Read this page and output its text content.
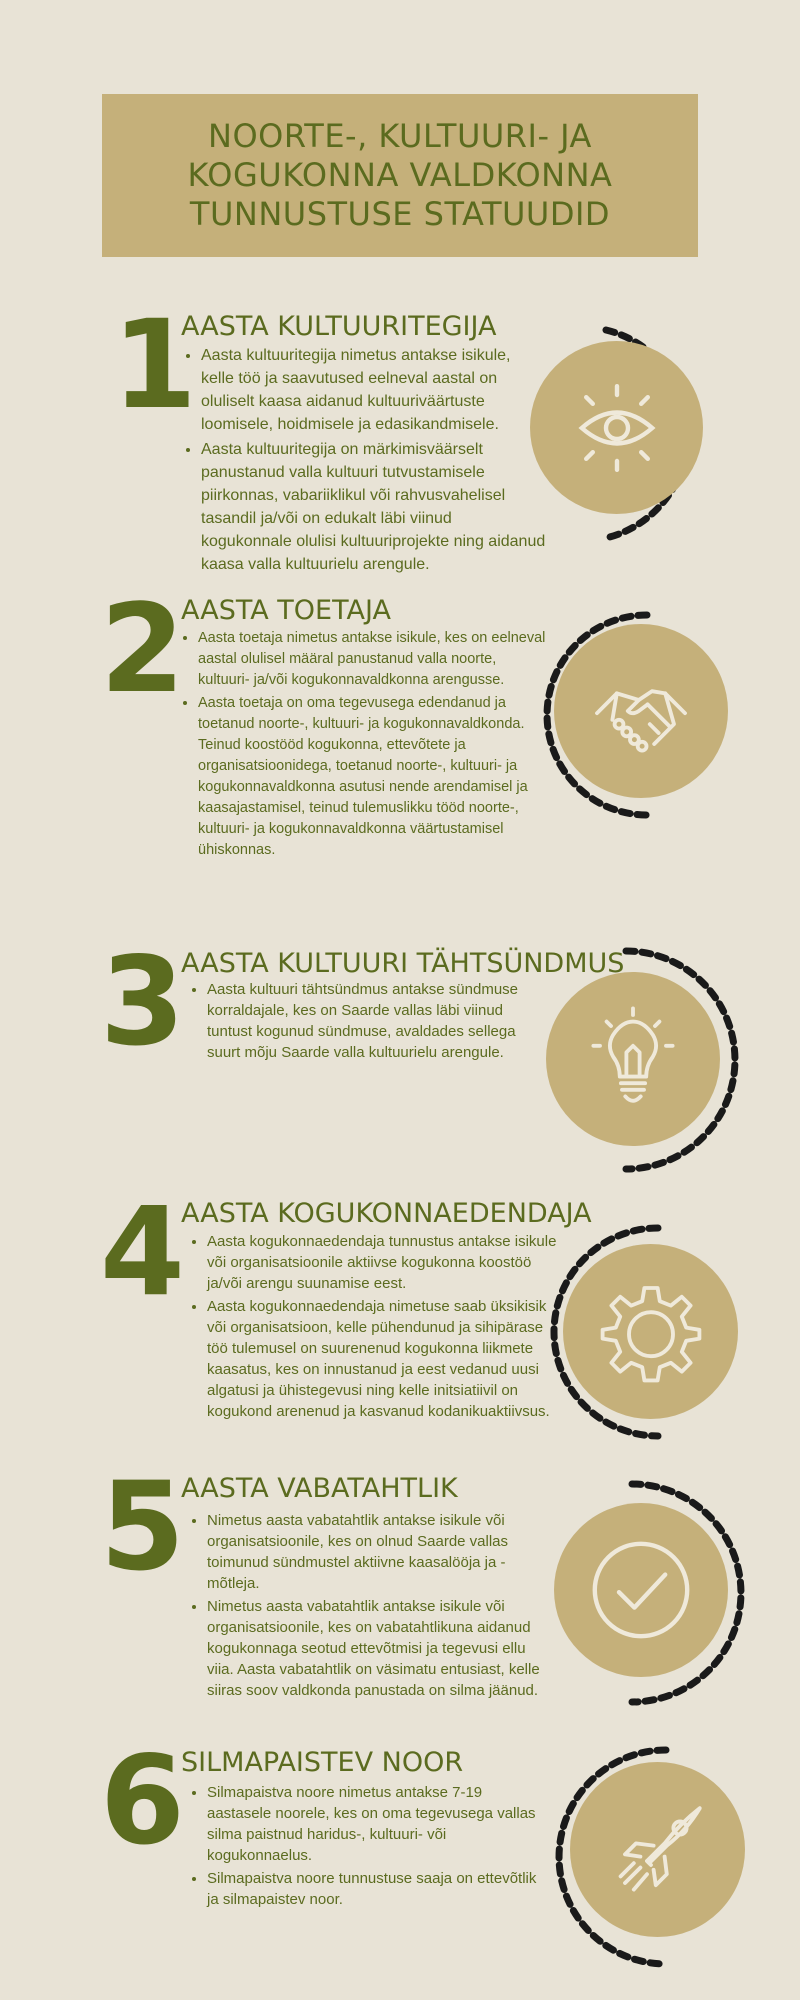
NOORTE-, KULTUURI- JA KOGUKONNA VALDKONNA TUNNUSTUSE STATUUDID
1
AASTA KULTUURITEGIJA
• Aasta kultuuritegija nimetus antakse isikule, kelle töö ja saavutused eelneval aastal on oluliselt kaasa aidanud kultuuriväärtuste loomisele, hoidmisele ja edasikandmisele.
• Aasta kultuuritegija on märkimisväärselt panustanud valla kultuuri tutvustamisele piirkonnas, vabariiklikul või rahvusvahelisel tasandil ja/või on edukalt läbi viinud kogukonnale olulisi kultuuriprojekte ning aidanud kaasa valla kultuurielu arengule.
2
AASTA TOETAJA
• Aasta toetaja nimetus antakse isikule, kes on eelneval aastal olulisel määral panustanud valla noorte, kultuuri- ja/või kogukonnavaldkonna arengusse.
• Aasta toetaja on oma tegevusega edendanud ja toetanud noorte-, kultuuri- ja kogukonnavaldkonda. Teinud koostööd kogukonna, ettevõtete ja organisatsioonidega, toetanud noorte-, kultuuri- ja kogukonnavaldkonna asutusi nende arendamisel ja kaasajastamisel, teinud tulemuslikku tööd noorte-, kultuuri- ja kogukonnavaldkonna väärtustamisel ühiskonnas.
3
AASTA KULTUURI TÄHTSÜNDMUS
• Aasta kultuuri tähtsündmus antakse sündmuse korraldajale, kes on Saarde vallas läbi viinud tuntust kogunud sündmuse, avaldades sellega suurt mõju Saarde valla kultuurielu arengule.
4
AASTA KOGUKONNAEDENDAJA
• Aasta kogukonnaedendaja tunnustus antakse isikule või organisatsioonile aktiivse kogukonna koostöö ja/või arengu suunamise eest.
• Aasta kogukonnaedendaja nimetuse saab üksikisik või organisatsioon, kelle pühendunud ja sihipärase töö tulemusel on suurenenud kogukonna liikmete kaasatus, kes on innustanud ja eest vedanud uusi algatusi ja ühistegevusi ning kelle initsiatiivil on kogukond arenenud ja kasvanud kodanikuaktiivsus.
5
AASTA VABATAHTLIK
• Nimetus aasta vabatahtlik antakse isikule või organisatsioonile, kes on olnud Saarde vallas toimunud sündmustel aktiivne kaasalööja ja -mõtleja.
• Nimetus aasta vabatahtlik antakse isikule või organisatsioonile, kes on vabatahtlikuna aidanud kogukonnaga seotud ettevõtmisi ja tegevusi ellu viia. Aasta vabatahtlik on väsimatu entusiast, kelle siiras soov valdkonda panustada on silma jäänud.
6
SILMAPAISTEV NOOR
• Silmapaistva noore nimetus antakse 7-19 aastasele noorele, kes on oma tegevusega vallas silma paistnud haridus-, kultuuri- või kogukonnaelus.
• Silmapaistva noore tunnustuse saaja on ettevõtlik ja silmapaistev noor.
